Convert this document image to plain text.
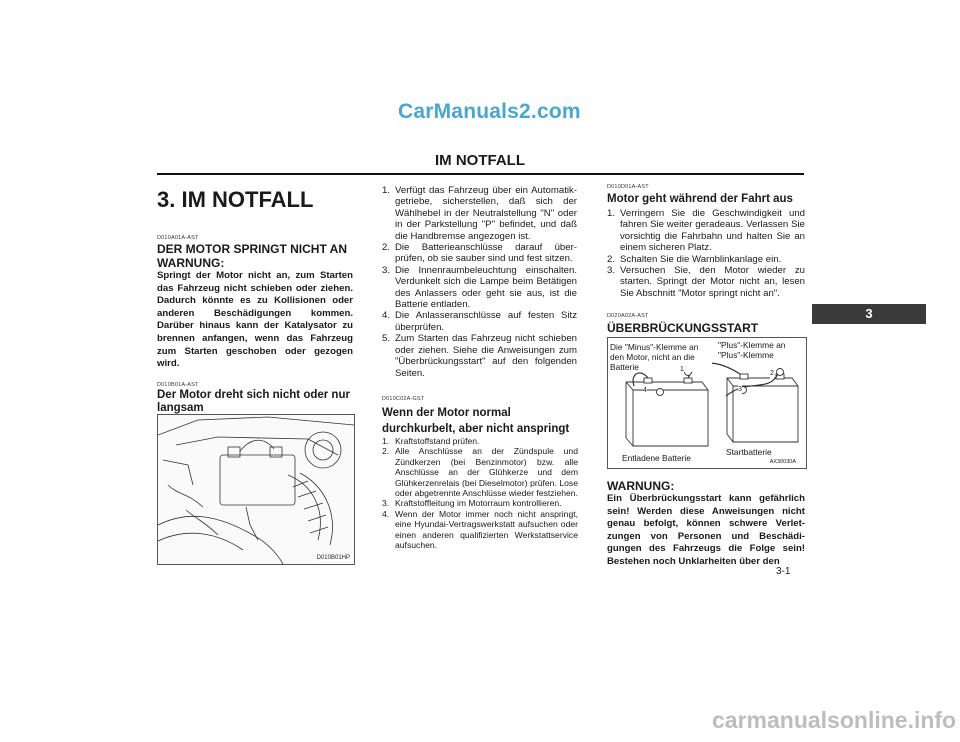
CarManuals2.com
IM NOTFALL
3
3-1
carmanualsonline.info
3. IM NOTFALL
D010A01A-AST
DER MOTOR SPRINGT NICHT AN
WARNUNG:
Springt der Motor nicht an, zum Starten das Fahrzeug nicht schieben oder ziehen. Dadurch könnte es zu Kollisionen oder anderen Beschädigungen kommen. Darüber hinaus kann der Katalysator zu brennen anfangen, wenn das Fahrzeug zum Starten geschoben oder gezogen wird.
D010B01A-AST
Der Motor dreht sich nicht oder nur langsam
D010B01HP
1. Verfügt das Fahrzeug über ein Automatik-getriebe, sicherstellen, daß sich der Wählhebel in der Neutralstellung "N" oder in der Parkstellung "P" befindet, und daß die Handbremse angezogen ist.
2. Die Batterieanschlüsse darauf über-prüfen, ob sie sauber sind und fest sitzen.
3. Die Innenraumbeleuchtung einschalten. Verdunkelt sich die Lampe beim Betätigen des Anlassers oder geht sie aus, ist die Batterie entladen.
4. Die Anlasseranschlüsse auf festen Sitz überprüfen.
5. Zum Starten das Fahrzeug nicht schieben oder ziehen. Siehe die Anweisungen zum "Überbrückungsstart" auf den folgenden Seiten.
D010C02A-GST
Wenn der Motor normal durchkurbelt, aber nicht anspringt
1. Kraftstoffstand prüfen.
2. Alle Anschlüsse an der Zündspule und Zündkerzen (bei Benzinmotor) bzw. alle Anschlüsse an der Glühkerze und dem Glühkerzenrelais (bei Dieselmotor) prüfen. Lose oder abgetrennte Anschlüsse wieder festziehen.
3. Kraftstoffleitung im Motorraum kontrollieren.
4. Wenn der Motor immer noch nicht anspringt, eine Hyundai-Vertragswerkstatt aufsuchen oder einen anderen qualifizierten Werkstattservice aufsuchen.
D010D01A-AST
Motor geht während der Fahrt aus
1. Verringern Sie die Geschwindigkeit und fahren Sie weiter geradeaus. Verlassen Sie vorsichtig die Fahrbahn und halten Sie an einem sicheren Platz.
2. Schalten Sie die Warnblinkanlage ein.
3. Versuchen Sie, den Motor wieder zu starten. Springt der Motor nicht an, lesen Sie Abschnitt "Motor springt nicht an".
D020A02A-AST
ÜBERBRÜCKUNGSSTART
Die "Minus"-Klemme an den Motor, nicht an die Batterie
"Plus"-Klemme an "Plus"-Klemme
1
2
3
4
Entladene Batterie
Startbatterie
AX30030A
WARNUNG:
Ein Überbrückungsstart kann gefährlich sein! Werden diese Anweisungen nicht genau befolgt, können schwere Verlet-zungen von Personen und Beschädi-gungen des Fahrzeugs die Folge sein! Bestehen noch Unklarheiten über den
